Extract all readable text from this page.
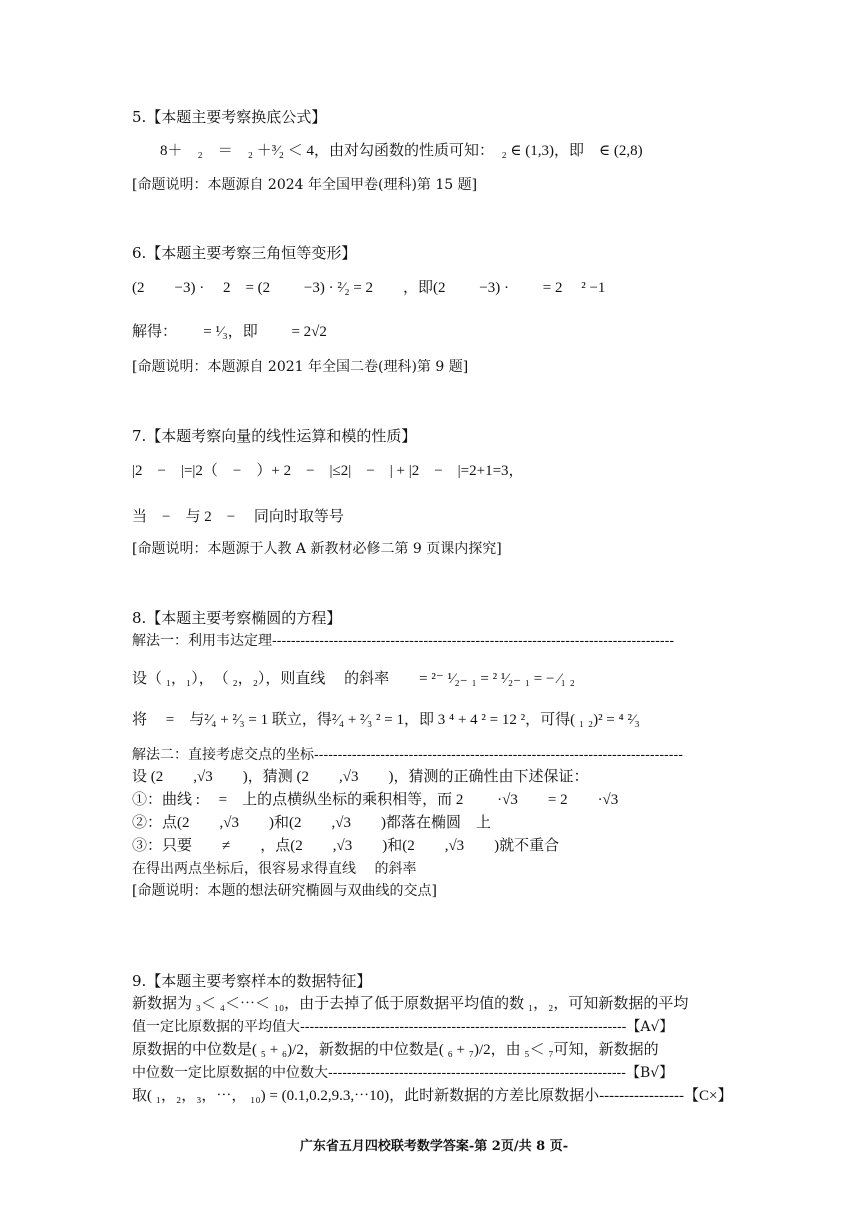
5.【本题主要考察换底公式】
8＋　₂　＝　₂ ＋³⁄₂ ＜ 4，由对勾函数的性质可知：　₂ ∈ (1,3)，即　∈ (2,8)
[命题说明：本题源自 2024 年全国甲卷(理科)第 15 题]
6.【本题主要考察三角恒等变形】
(2　　−3) ·　 2　= (2　　 −3) · ²⁄₂ = 2　　，即(2　　 −3) ·　　 = 2　 ² −1
解得：　　 = ¹⁄₃，即　　 = 2√2
[命题说明：本题源自 2021 年全国二卷(理科)第 9 题]
7.【本题考察向量的线性运算和模的性质】
|2　−　|=|2（　−　）+ 2　−　|≤2|　−　| + |2　−　|=2+1=3，
当　−　与 2　−　 同向时取等号
[命题说明：本题源于人教 A 新教材必修二第 9 页课内探究]
8.【本题主要考察椭圆的方程】
解法一：利用韦达定理-------------------------------------------------------------------------------------
设（ ₁，₁），　（ ₂，₂），则直线　 的斜率　　= ²⁻ ¹⁄₂₋ ₁ = ² ¹⁄₂₋ ₁ = − ⁄₁ ₂
将　 =　与²⁄₄ + ²⁄₃ = 1 联立，得²⁄₄ + ²⁄₃ ² = 1，即 3 ⁴ + 4 ² = 12 ²，可得( ₁ ₂)² = ⁴ ²⁄₃
解法二：直接考虑交点的坐标------------------------------------------------------------------------------
设 (2　　,√3　　)，猜测 (2　　,√3　　)，猜测的正确性由下述保证：
①：曲线 :　 =　上的点横纵坐标的乘积相等，而 2　　 ·√3　　= 2　　·√3
②：点(2　　,√3　　)和(2　　,√3　　)都落在椭圆　上
③：只要　　≠　　，点(2　　,√3　　)和(2　　,√3　　)就不重合
在得出两点坐标后，很容易求得直线　 的斜率
[命题说明：本题的想法研究椭圆与双曲线的交点]
9.【本题主要考察样本的数据特征】
新数据为 ₃＜ ₄＜⋯＜ ₁₀，由于去掉了低于原数据平均值的数 ₁，₂，可知新数据的平均
值一定比原数据的平均值大---------------------------------------------------------------------【A√】
原数据的中位数是( ₅ + ₆)/2，新数据的中位数是( ₆ + ₇)/2，由 ₅＜ ₇可知，新数据的
中位数一定比原数据的中位数大---------------------------------------------------------------【B√】
取( ₁，₂，₃，⋯， ₁₀) = (0.1,0.2,9.3,⋯10)，此时新数据的方差比原数据小-----------------【C×】
广东省五月四校联考数学答案-第 2页/共 8 页-
